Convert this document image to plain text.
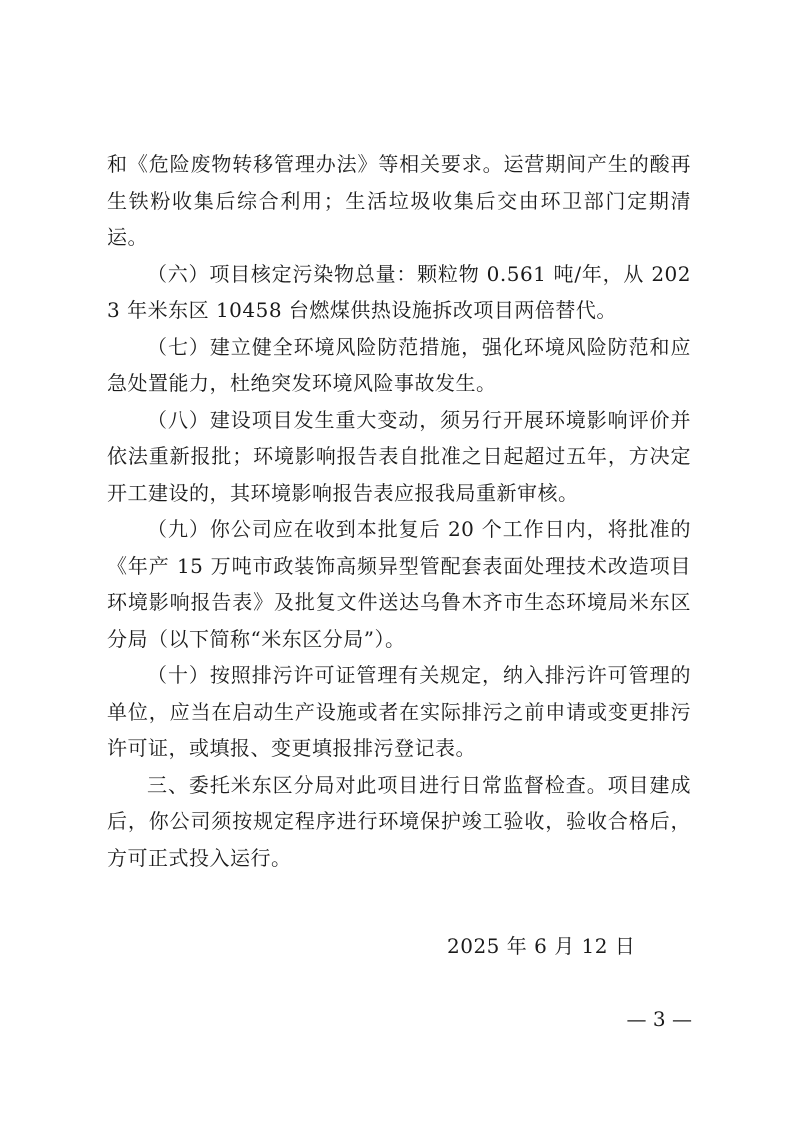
和《危险废物转移管理办法》等相关要求。运营期间产生的酸再生铁粉收集后综合利用；生活垃圾收集后交由环卫部门定期清运。

（六）项目核定污染物总量：颗粒物 0.561 吨/年，从 2023 年米东区 10458 台燃煤供热设施拆改项目两倍替代。

（七）建立健全环境风险防范措施，强化环境风险防范和应急处置能力，杜绝突发环境风险事故发生。

（八）建设项目发生重大变动，须另行开展环境影响评价并依法重新报批；环境影响报告表自批准之日起超过五年，方决定开工建设的，其环境影响报告表应报我局重新审核。

（九）你公司应在收到本批复后 20 个工作日内，将批准的《年产 15 万吨市政装饰高频异型管配套表面处理技术改造项目环境影响报告表》及批复文件送达乌鲁木齐市生态环境局米东区分局（以下简称“米东区分局”）。

（十）按照排污许可证管理有关规定，纳入排污许可管理的单位，应当在启动生产设施或者在实际排污之前申请或变更排污许可证，或填报、变更填报排污登记表。

三、委托米东区分局对此项目进行日常监督检查。项目建成后，你公司须按规定程序进行环境保护竣工验收，验收合格后，方可正式投入运行。

2025 年 6 月 12 日
— 3 —
